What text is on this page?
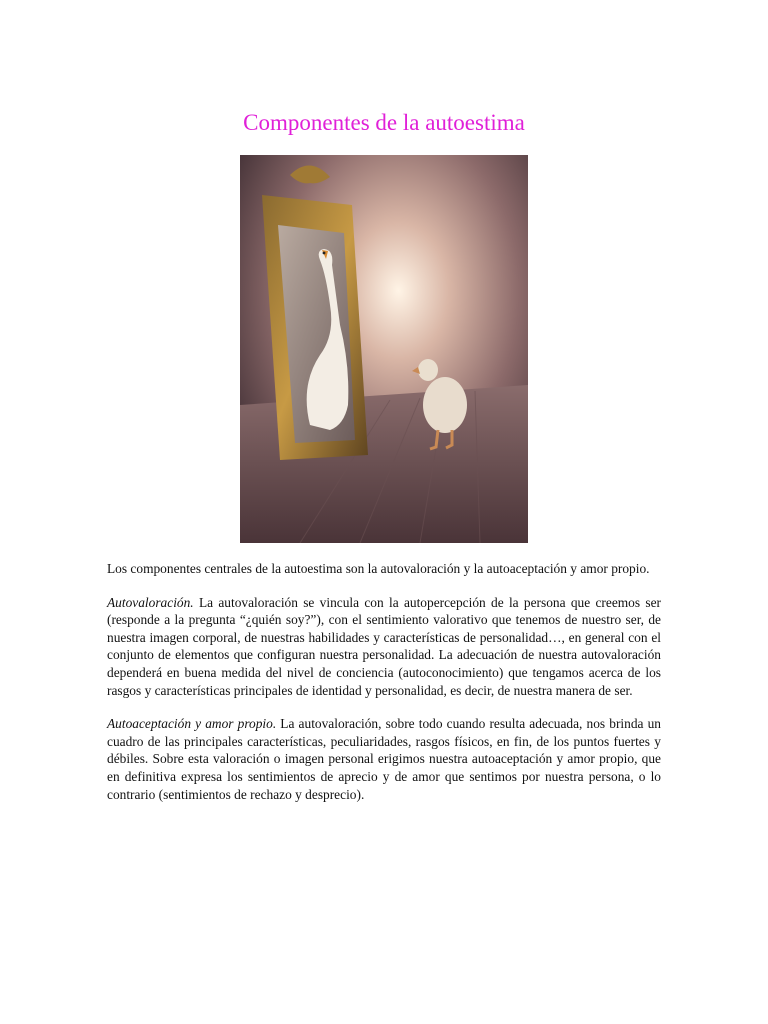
Componentes de la autoestima

Los componentes centrales de la autoestima son la autovaloración y la autoaceptación y amor propio.

Autovaloración. La autovaloración se vincula con la autopercepción de la persona que creemos ser (responde a la pregunta “¿quién soy?”), con el sentimiento valorativo que tenemos de nuestro ser, de nuestra imagen corporal, de nuestras habilidades y características de personalidad…, en general con el conjunto de elementos que configuran nuestra personalidad. La adecuación de nuestra autovaloración dependerá en buena medida del nivel de conciencia (autoconocimiento) que tengamos acerca de los rasgos y características principales de identidad y personalidad, es decir, de nuestra manera de ser.

Autoaceptación y amor propio. La autovaloración, sobre todo cuando resulta adecuada, nos brinda un cuadro de las principales características, peculiaridades, rasgos físicos, en fin, de los puntos fuertes y débiles. Sobre esta valoración o imagen personal erigimos nuestra autoaceptación y amor propio, que en definitiva expresa los sentimientos de aprecio y de amor que sentimos por nuestra persona, o lo contrario (sentimientos de rechazo y desprecio).
